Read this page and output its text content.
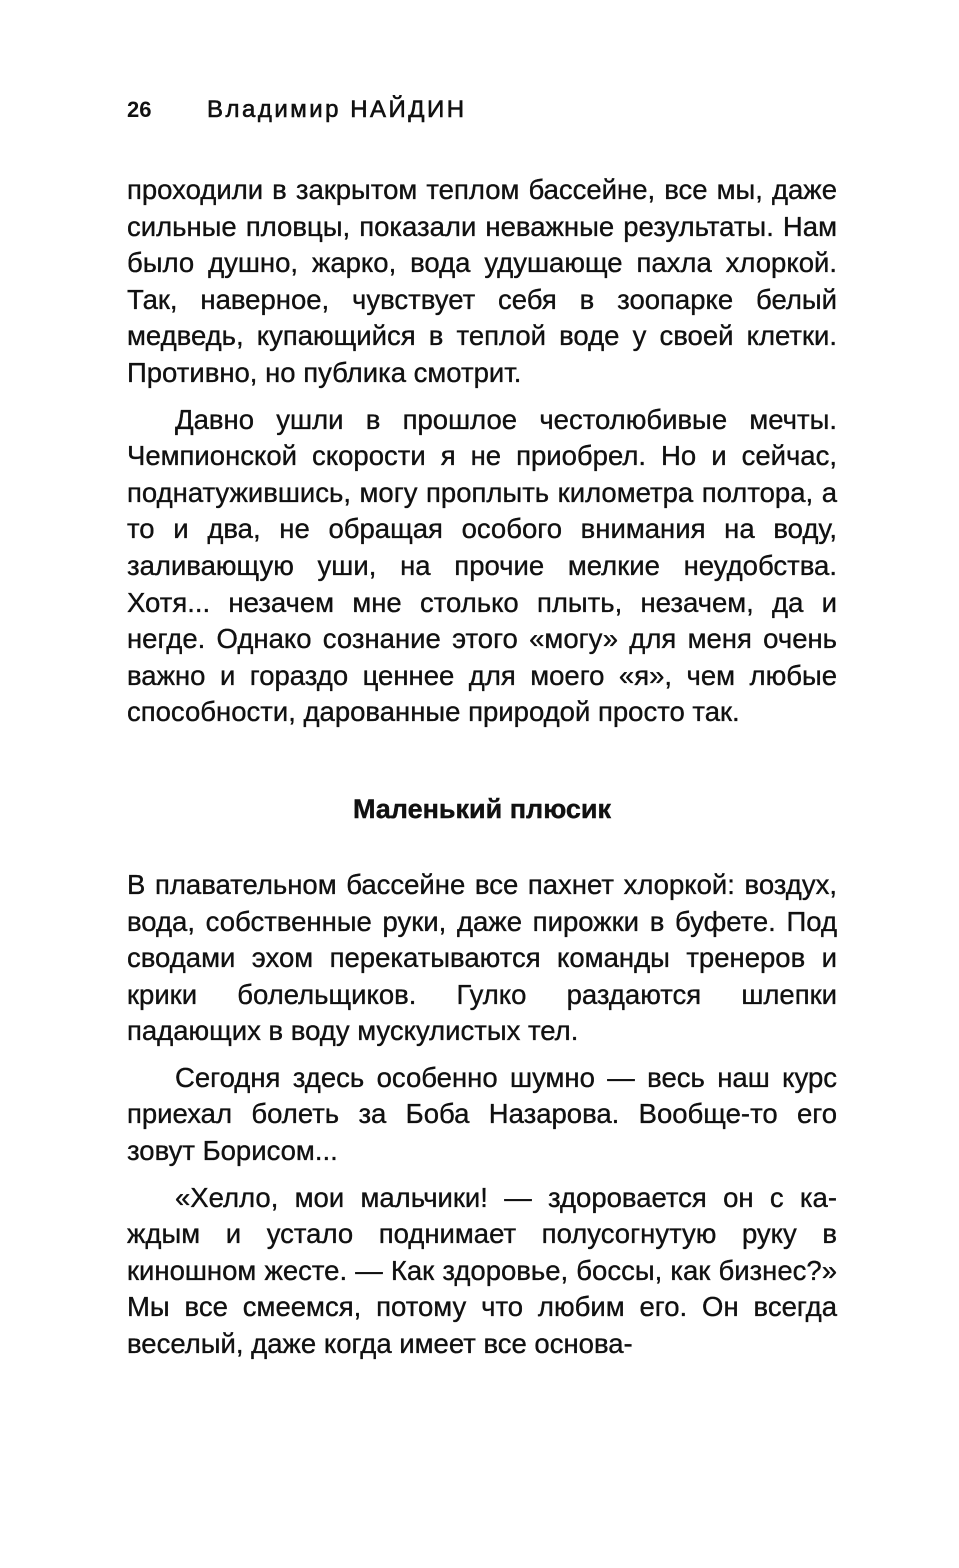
26	Владимир НАЙДИН

проходили в закрытом теплом бассейне, все мы, даже сильные пловцы, показали неважные результаты. Нам было душно, жарко, вода удушающе пахла хлоркой. Так, наверное, чувствует себя в зоопарке белый медведь, купающийся в теплой воде у своей клетки. Противно, но публика смотрит.

Давно ушли в прошлое честолюбивые мечты. Чемпионской скорости я не приобрел. Но и сейчас, поднатужившись, могу проплыть километра полтора, а то и два, не обращая особого внимания на воду, заливающую уши, на прочие мелкие неудобства. Хотя... незачем мне столько плыть, незачем, да и негде. Однако сознание этого «могу» для меня очень важно и гораздо ценнее для моего «я», чем любые способности, дарованные природой просто так.

Маленький плюсик

В плавательном бассейне все пахнет хлоркой: воздух, вода, собственные руки, даже пирожки в буфете. Под сводами эхом перекатываются команды тренеров и крики болельщиков. Гулко раздаются шлепки падающих в воду мускулистых тел.

Сегодня здесь особенно шумно — весь наш курс приехал болеть за Боба Назарова. Вообще-то его зовут Борисом...

«Хелло, мои мальчики! — здоровается он с каждым и устало поднимает полусогнутую руку в киношном жесте. — Как здоровье, боссы, как бизнес?» Мы все смеемся, потому что любим его. Он всегда веселый, даже когда имеет все основа-
